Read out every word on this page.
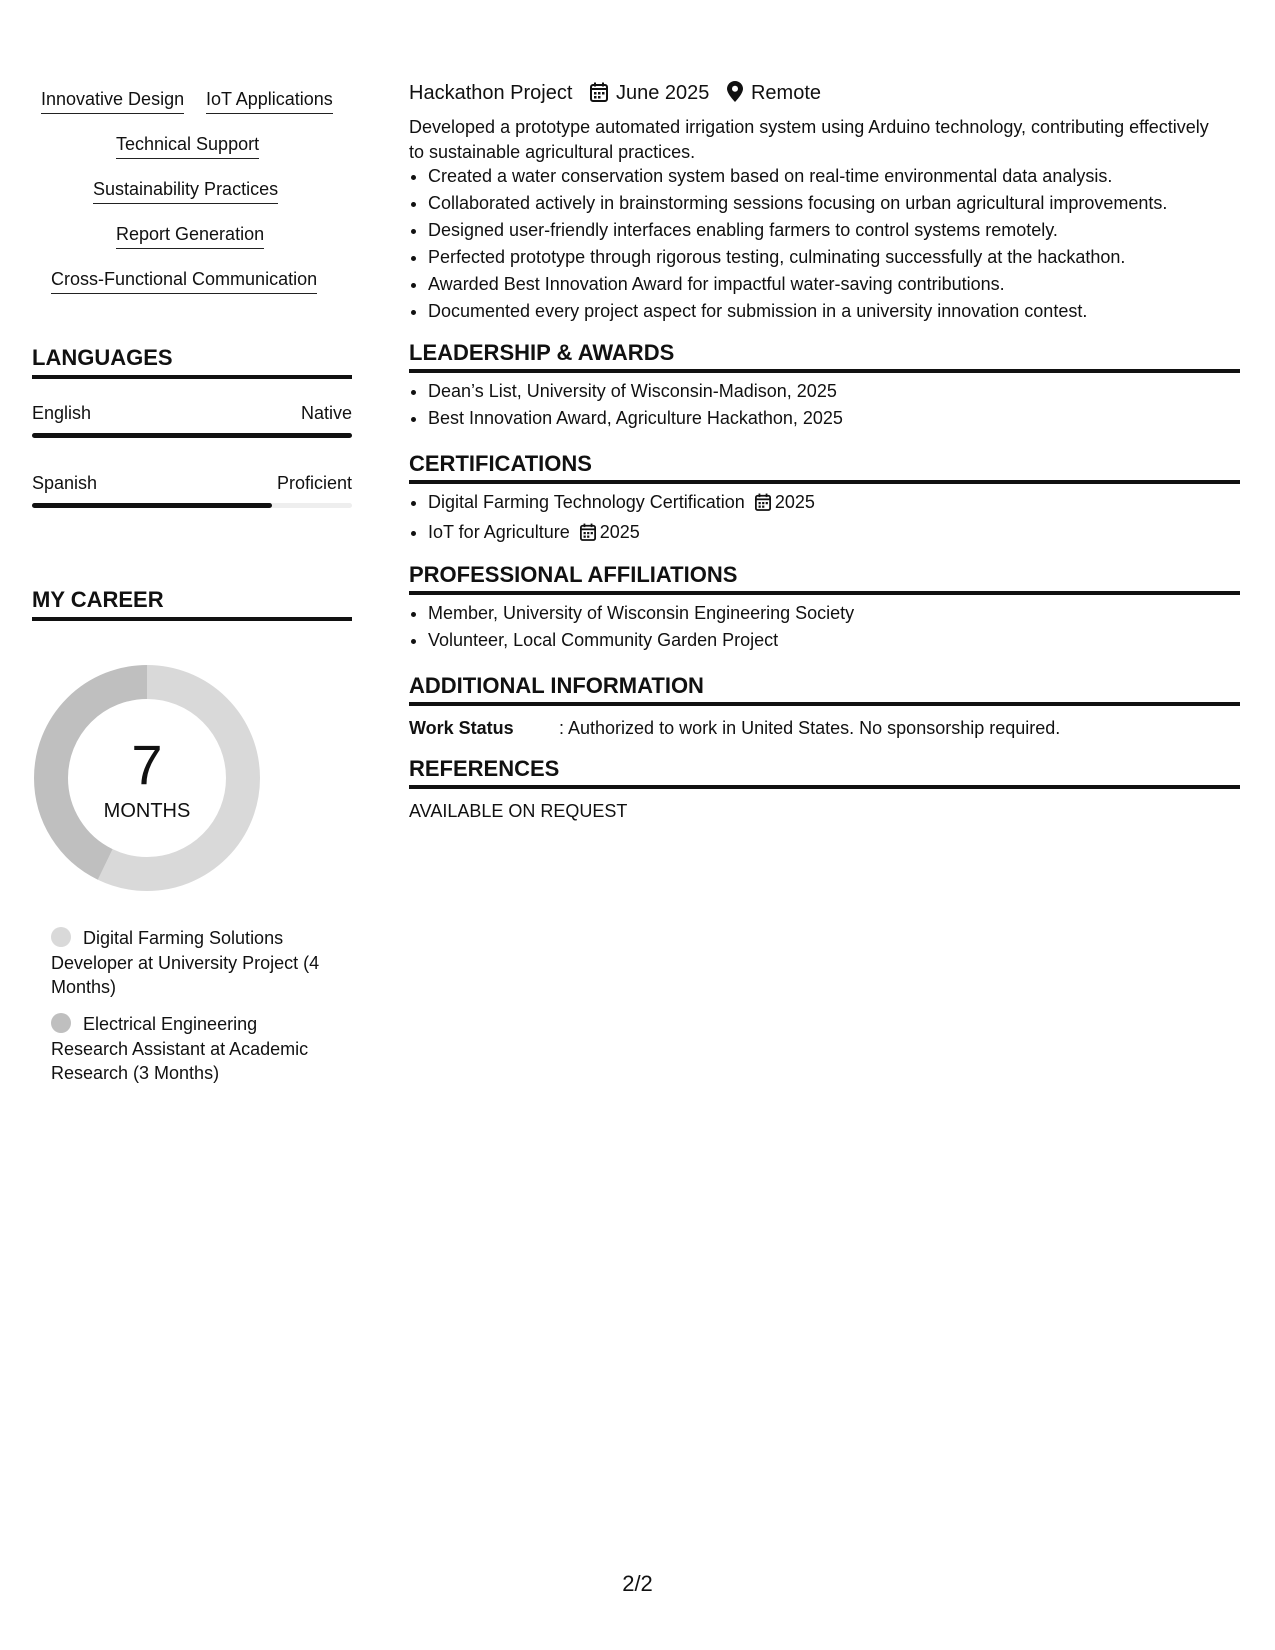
Innovative Design IoT Applications
Technical Support
Sustainability Practices
Report Generation
Cross-Functional Communication
LANGUAGES
English	Native
Spanish	Proficient
MY CAREER
7
MONTHS
Digital Farming Solutions Developer at University Project (4 Months)
Electrical Engineering Research Assistant at Academic Research (3 Months)
Hackathon Project June 2025 Remote
Developed a prototype automated irrigation system using Arduino technology, contributing effectively to sustainable agricultural practices.
• Created a water conservation system based on real-time environmental data analysis.
• Collaborated actively in brainstorming sessions focusing on urban agricultural improvements.
• Designed user-friendly interfaces enabling farmers to control systems remotely.
• Perfected prototype through rigorous testing, culminating successfully at the hackathon.
• Awarded Best Innovation Award for impactful water-saving contributions.
• Documented every project aspect for submission in a university innovation contest.
LEADERSHIP & AWARDS
• Dean’s List, University of Wisconsin-Madison, 2025
• Best Innovation Award, Agriculture Hackathon, 2025
CERTIFICATIONS
• Digital Farming Technology Certification 2025
• IoT for Agriculture 2025
PROFESSIONAL AFFILIATIONS
• Member, University of Wisconsin Engineering Society
• Volunteer, Local Community Garden Project
ADDITIONAL INFORMATION
Work Status	: Authorized to work in United States. No sponsorship required.
REFERENCES
AVAILABLE ON REQUEST
2/2
